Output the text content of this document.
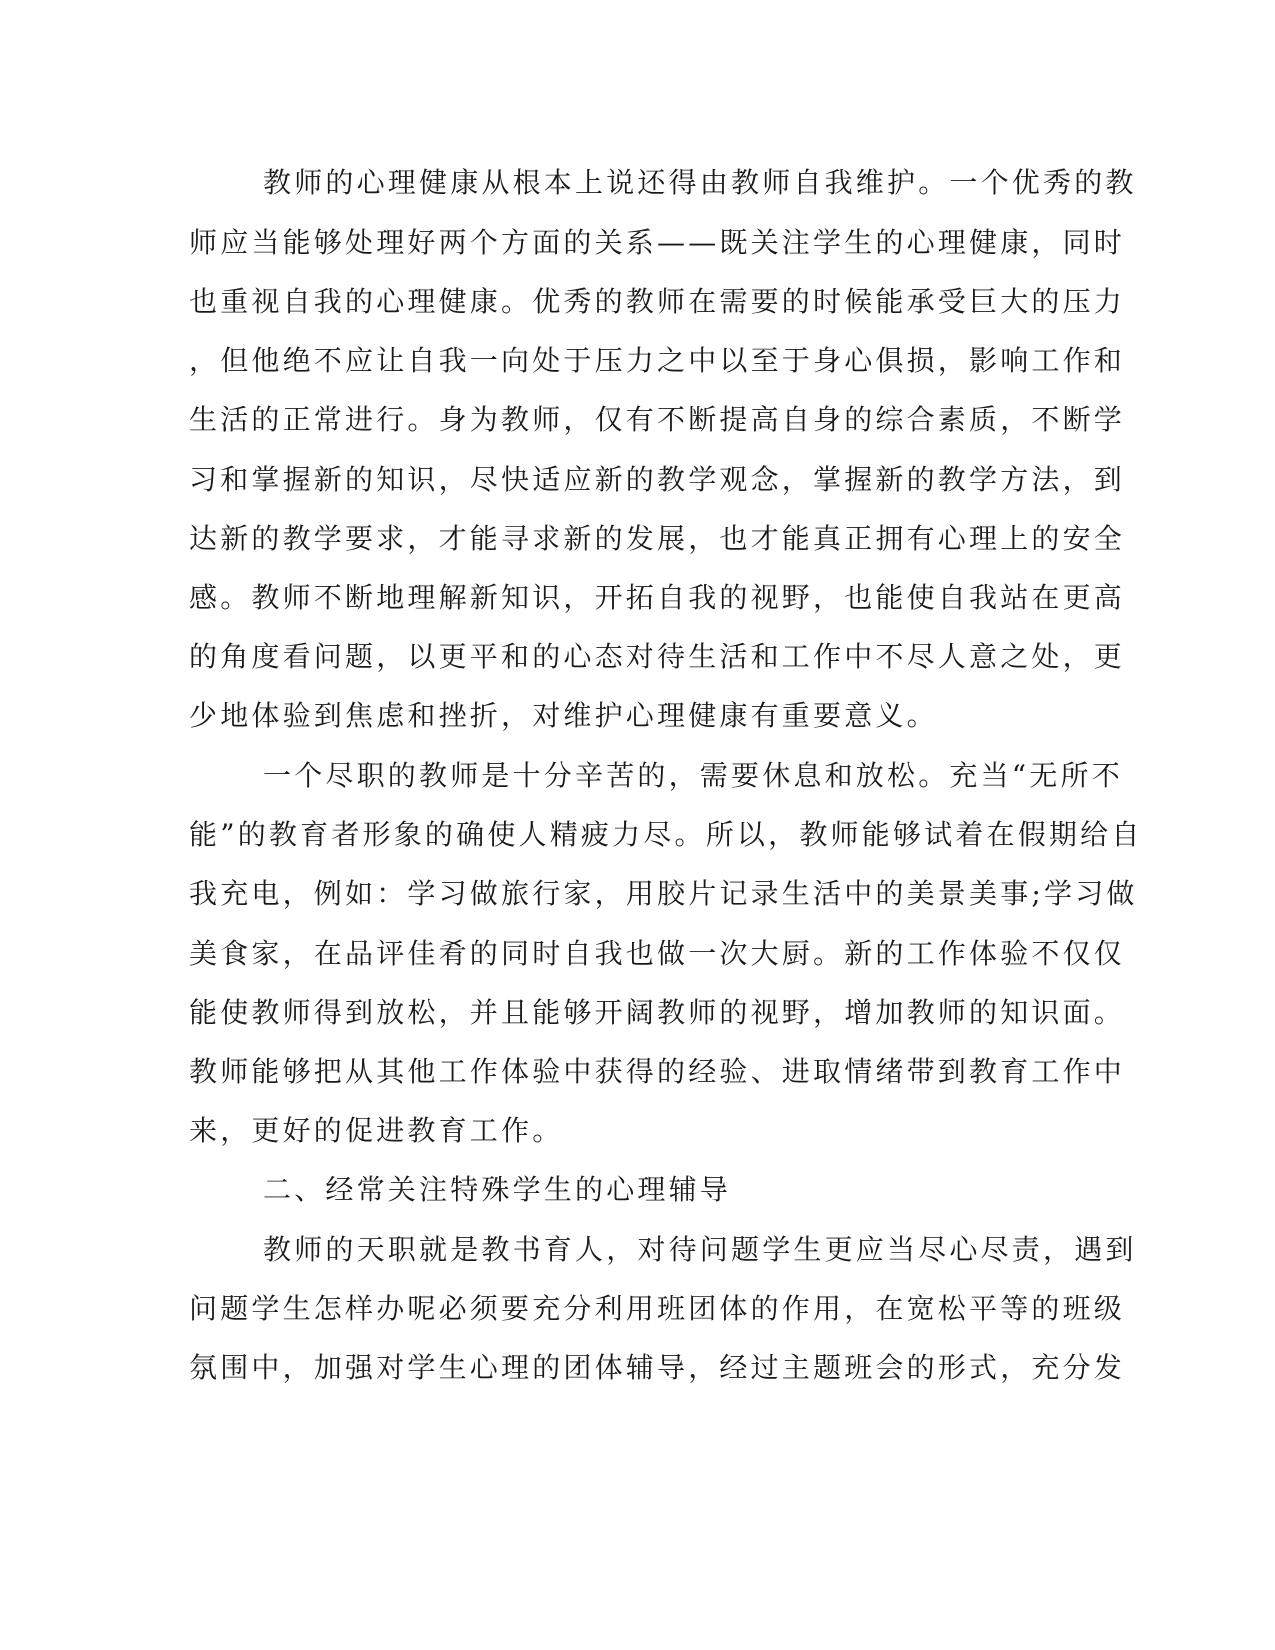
教师的心理健康从根本上说还得由教师自我维护。一个优秀的教
师应当能够处理好两个方面的关系——既关注学生的心理健康，同时
也重视自我的心理健康。优秀的教师在需要的时候能承受巨大的压力
，但他绝不应让自我一向处于压力之中以至于身心俱损，影响工作和
生活的正常进行。身为教师，仅有不断提高自身的综合素质，不断学
习和掌握新的知识，尽快适应新的教学观念，掌握新的教学方法，到
达新的教学要求，才能寻求新的发展，也才能真正拥有心理上的安全
感。教师不断地理解新知识，开拓自我的视野，也能使自我站在更高
的角度看问题，以更平和的心态对待生活和工作中不尽人意之处，更
少地体验到焦虑和挫折，对维护心理健康有重要意义。
一个尽职的教师是十分辛苦的，需要休息和放松。充当“无所不
能”的教育者形象的确使人精疲力尽。所以，教师能够试着在假期给自
我充电，例如：学习做旅行家，用胶片记录生活中的美景美事;学习做
美食家，在品评佳肴的同时自我也做一次大厨。新的工作体验不仅仅
能使教师得到放松，并且能够开阔教师的视野，增加教师的知识面。
教师能够把从其他工作体验中获得的经验、进取情绪带到教育工作中
来，更好的促进教育工作。
二、经常关注特殊学生的心理辅导
教师的天职就是教书育人，对待问题学生更应当尽心尽责，遇到
问题学生怎样办呢必须要充分利用班团体的作用，在宽松平等的班级
氛围中，加强对学生心理的团体辅导，经过主题班会的形式，充分发
